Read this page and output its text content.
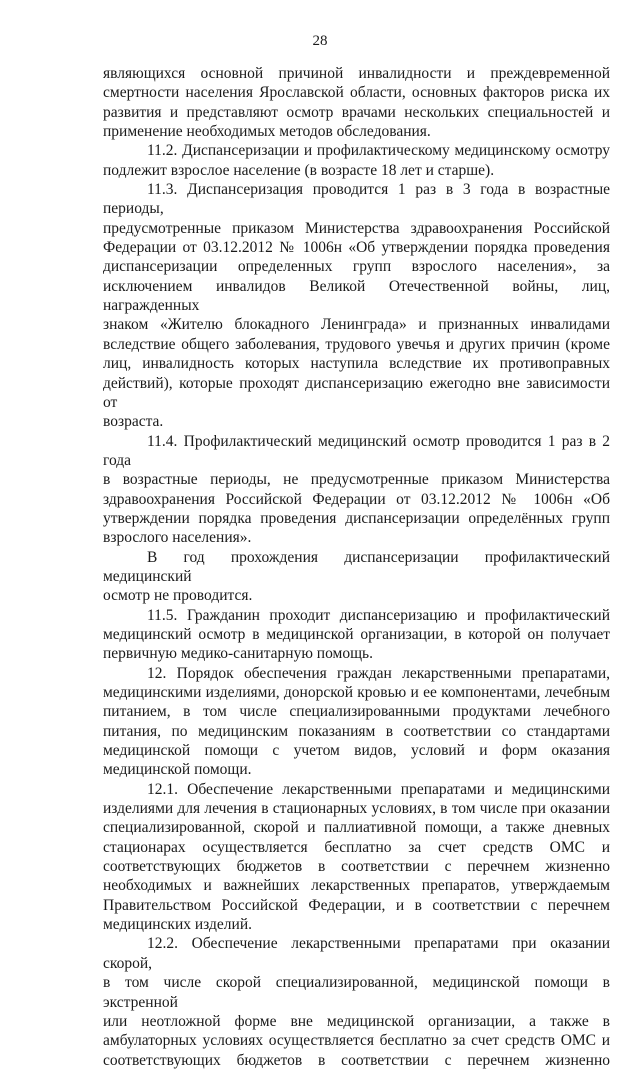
28
являющихся основной причиной инвалидности и преждевременной
смертности населения Ярославской области, основных факторов риска их
развития и представляют осмотр врачами нескольких специальностей и
применение необходимых методов обследования.
11.2. Диспансеризации и профилактическому медицинскому осмотру
подлежит взрослое население (в возрасте 18 лет и старше).
11.3. Диспансеризация проводится 1 раз в 3 года в возрастные периоды,
предусмотренные приказом Министерства здравоохранения Российской
Федерации от 03.12.2012 № 1006н «Об утверждении порядка проведения
диспансеризации определенных групп взрослого населения», за
исключением инвалидов Великой Отечественной войны, лиц, награжденных
знаком «Жителю блокадного Ленинграда» и признанных инвалидами
вследствие общего заболевания, трудового увечья и других причин (кроме
лиц, инвалидность которых наступила вследствие их противоправных
действий), которые проходят диспансеризацию ежегодно вне зависимости от
возраста.
11.4. Профилактический медицинский осмотр проводится 1 раз в 2 года
в возрастные периоды, не предусмотренные приказом Министерства
здравоохранения Российской Федерации от 03.12.2012 № 1006н «Об
утверждении порядка проведения диспансеризации определённых групп
взрослого населения».
В год прохождения диспансеризации профилактический медицинский
осмотр не проводится.
11.5. Гражданин проходит диспансеризацию и профилактический
медицинский осмотр в медицинской организации, в которой он получает
первичную медико-санитарную помощь.
12. Порядок обеспечения граждан лекарственными препаратами,
медицинскими изделиями, донорской кровью и ее компонентами, лечебным
питанием, в том числе специализированными продуктами лечебного
питания, по медицинским показаниям в соответствии со стандартами
медицинской помощи с учетом видов, условий и форм оказания
медицинской помощи.
12.1. Обеспечение лекарственными препаратами и медицинскими
изделиями для лечения в стационарных условиях, в том числе при оказании
специализированной, скорой и паллиативной помощи, а также дневных
стационарах осуществляется бесплатно за счет средств ОМС и
соответствующих бюджетов в соответствии с перечнем жизненно
необходимых и важнейших лекарственных препаратов, утверждаемым
Правительством Российской Федерации, и в соответствии с перечнем
медицинских изделий.
12.2. Обеспечение лекарственными препаратами при оказании скорой,
в том числе скорой специализированной, медицинской помощи в экстренной
или неотложной форме вне медицинской организации, а также в
амбулаторных условиях осуществляется бесплатно за счет средств ОМС и
соответствующих бюджетов в соответствии с перечнем жизненно
